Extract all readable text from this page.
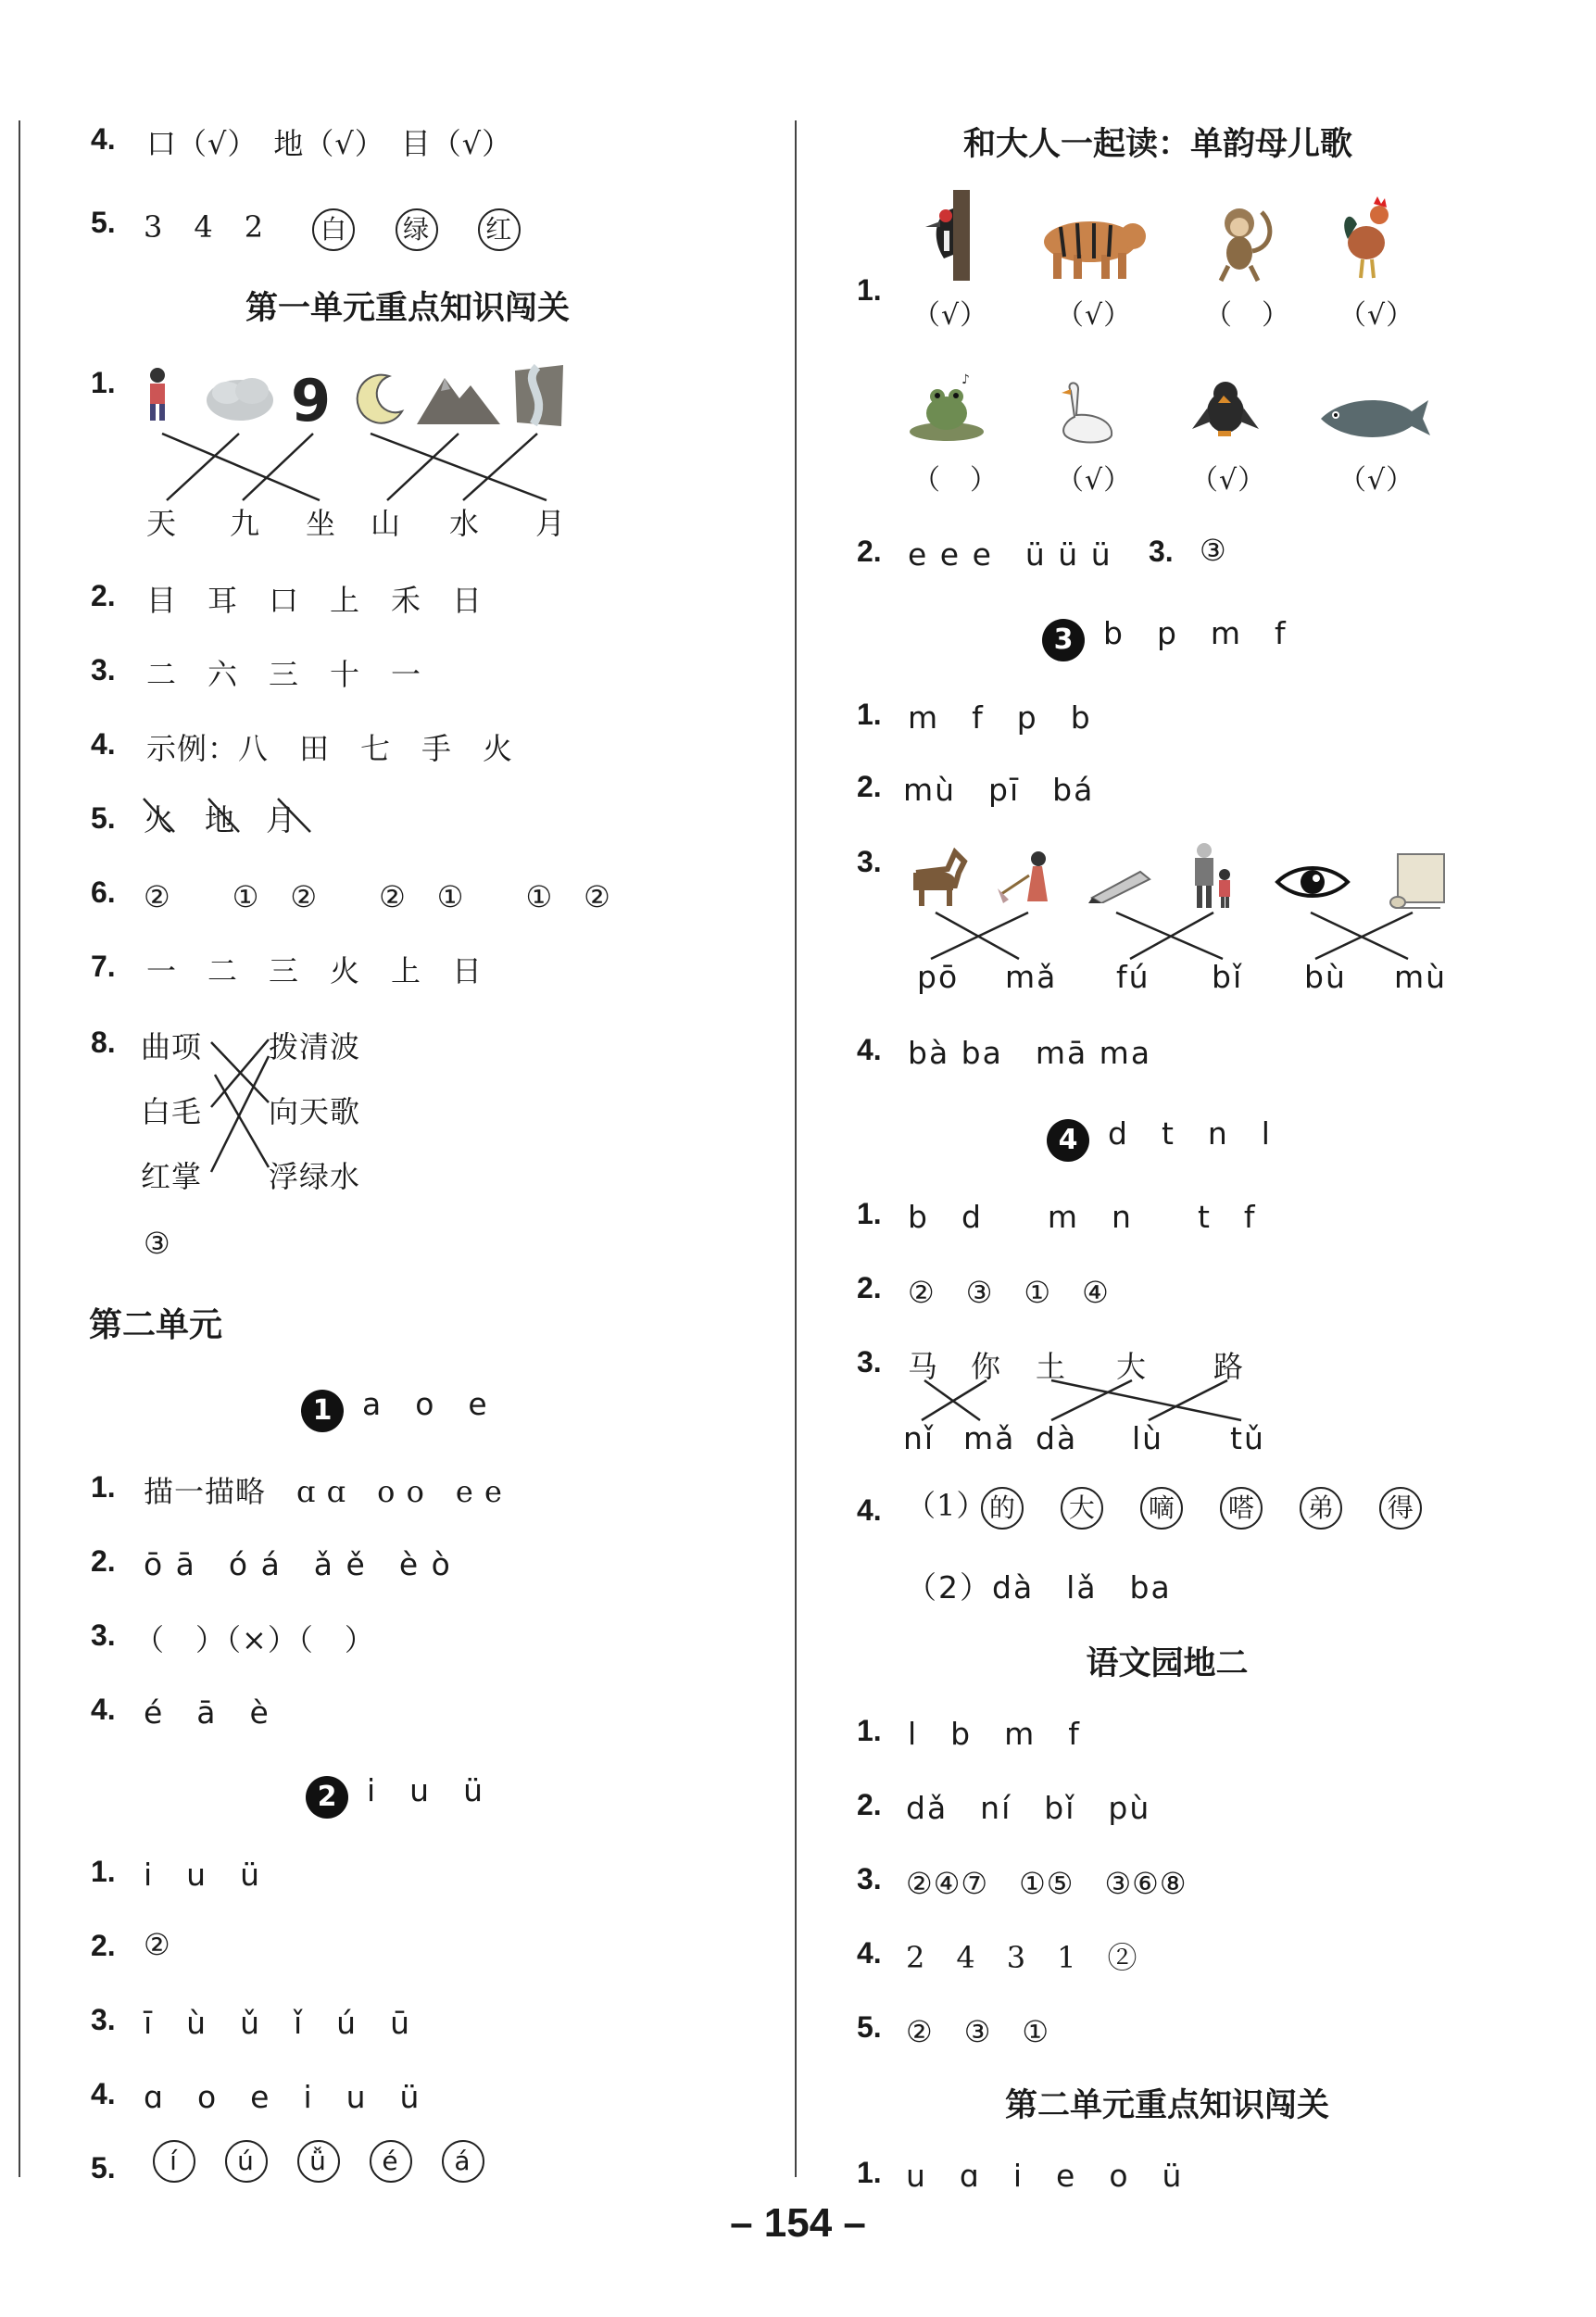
4. 口（√）　地（√）　目（√）
5. 3　4　2 白 绿 红
第一单元重点知识闯关
1.	9
天 九 坐 山 水 月
2. 目　耳　口　上　禾　日
3. 二　六　三　十　一
4. 示例：八　田　七　手　火
5. 火　地　月
6. ②　　①　②　　②　①　　①　②
7. 一　二　三　火　上　日
8. 曲项
白毛
红掌
拨清波
向天歌
浮绿水
③
第二单元
1 a　o　e
1. 描一描略　ɑ ɑ　o o　e e
2. ō ā　ó á　ǎ ě　è ò
3. （　）（×）（　）
4. é　ā　è
2 i　u　ü
1. i　u　ü
2. ②
3. ī　ù　ǔ　ǐ　ú　ū
4. ɑ　o　e　i　u　ü
5.	í ú ǚ é á
和大人一起读：单韵母儿歌
1.
（√） （√）	（　） （√）
♪
（　） （√） （√）	（√）
2. e e e　ü ü ü 3. ③
3 b　p　m　f
1. m　f　p　b
2. mù　pī　bá
3.
pō mǎ fú bǐ bù mù
4. bà ba　mā ma
4 d　t　n　l
1. b　d　　m　n　　t　f
2. ②　③　①　④
3. 马 你 土 大 路
nǐ mǎ dà lù tǔ
4. （1）的 大 嘀 嗒 弟 得
（2）dà　lǎ　ba
语文园地二
1. l　b　m　f
2. dǎ　ní　bǐ　pù
3. ②④⑦　①⑤　③⑥⑧
4. 2　4　3　1　②
5. ②　③　①
第二单元重点知识闯关
1. u　ɑ　i　e　o　ü
– 154 –
